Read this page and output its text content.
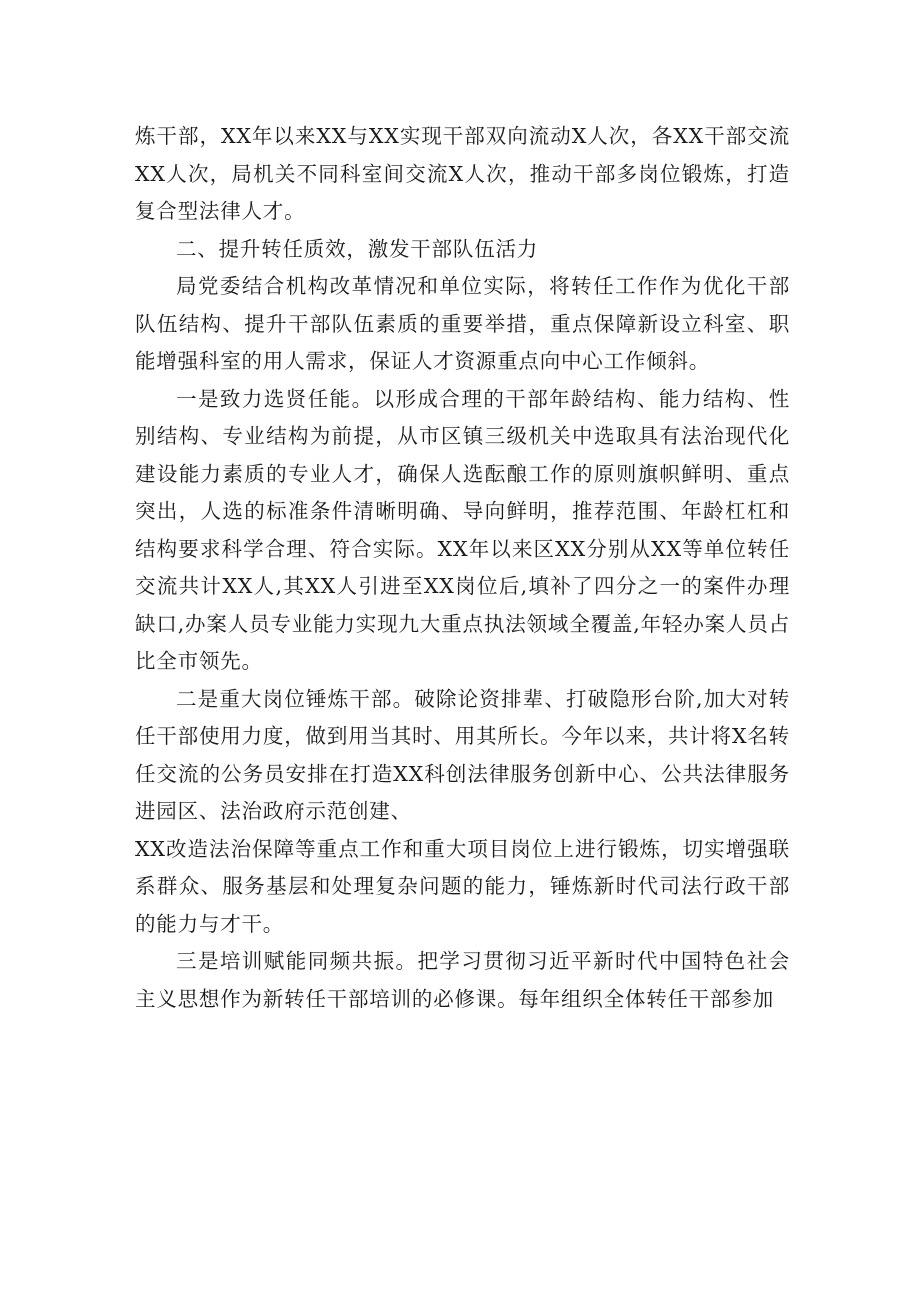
炼干部，XX年以来XX与XX实现干部双向流动X人次，各XX干部交流XX人次，局机关不同科室间交流X人次，推动干部多岗位锻炼，打造复合型法律人才。

二、提升转任质效，激发干部队伍活力

局党委结合机构改革情况和单位实际，将转任工作作为优化干部队伍结构、提升干部队伍素质的重要举措，重点保障新设立科室、职能增强科室的用人需求，保证人才资源重点向中心工作倾斜。

一是致力选贤任能。以形成合理的干部年龄结构、能力结构、性别结构、专业结构为前提，从市区镇三级机关中选取具有法治现代化建设能力素质的专业人才，确保人选酝酿工作的原则旗帜鲜明、重点突出，人选的标准条件清晰明确、导向鲜明，推荐范围、年龄杠杠和结构要求科学合理、符合实际。XX年以来区XX分别从XX等单位转任交流共计XX人,其XX人引进至XX岗位后,填补了四分之一的案件办理缺口,办案人员专业能力实现九大重点执法领域全覆盖,年轻办案人员占比全市领先。

二是重大岗位锤炼干部。破除论资排辈、打破隐形台阶,加大对转任干部使用力度，做到用当其时、用其所长。今年以来，共计将X名转任交流的公务员安排在打造XX科创法律服务创新中心、公共法律服务进园区、法治政府示范创建、

XX改造法治保障等重点工作和重大项目岗位上进行锻炼，切实增强联系群众、服务基层和处理复杂问题的能力，锤炼新时代司法行政干部的能力与才干。

三是培训赋能同频共振。把学习贯彻习近平新时代中国特色社会主义思想作为新转任干部培训的必修课。每年组织全体转任干部参加
